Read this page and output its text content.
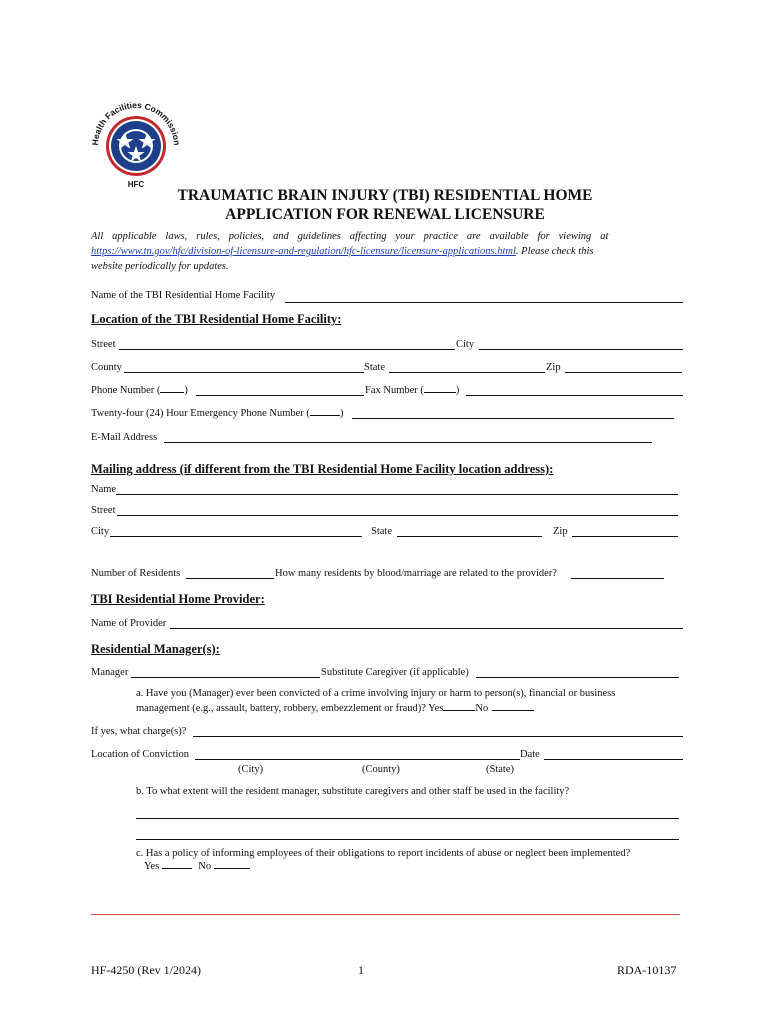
Health Facilities Commission
HFC
TRAUMATIC BRAIN INJURY (TBI) RESIDENTIAL HOME
APPLICATION FOR RENEWAL LICENSURE
All applicable laws, rules, policies, and guidelines affecting your practice are available for viewing at
https://www.tn.gov/hfc/division-of-licensure-and-regulation/hfc-licensure/licensure-applications.html. Please check this
website periodically for updates.
Name of the TBI Residential Home Facility
Location of the TBI Residential Home Facility:
Street	City
County	State	Zip
Phone Number ( )	Fax Number (	)
Twenty-four (24) Hour Emergency Phone Number (	)
E-Mail Address
Mailing address (if different from the TBI Residential Home Facility location address):
Name
Street
City	State	Zip
Number of Residents	How many residents by blood/marriage are related to the provider?
TBI Residential Home Provider:
Name of Provider
Residential Manager(s):
Manager	Substitute Caregiver (if applicable)
a. Have you (Manager) ever been convicted of a crime involving injury or harm to person(s), financial or business
management (e.g., assault, battery, robbery, embezzlement or fraud)? Yes	No
If yes, what charge(s)?
Location of Conviction	Date
(City)	(County)	(State)
b. To what extent will the resident manager, substitute caregivers and other staff be used in the facility?
c. Has a policy of informing employees of their obligations to report incidents of abuse or neglect been implemented?
Yes	No
HF-4250 (Rev 1/2024)	1	RDA-10137
